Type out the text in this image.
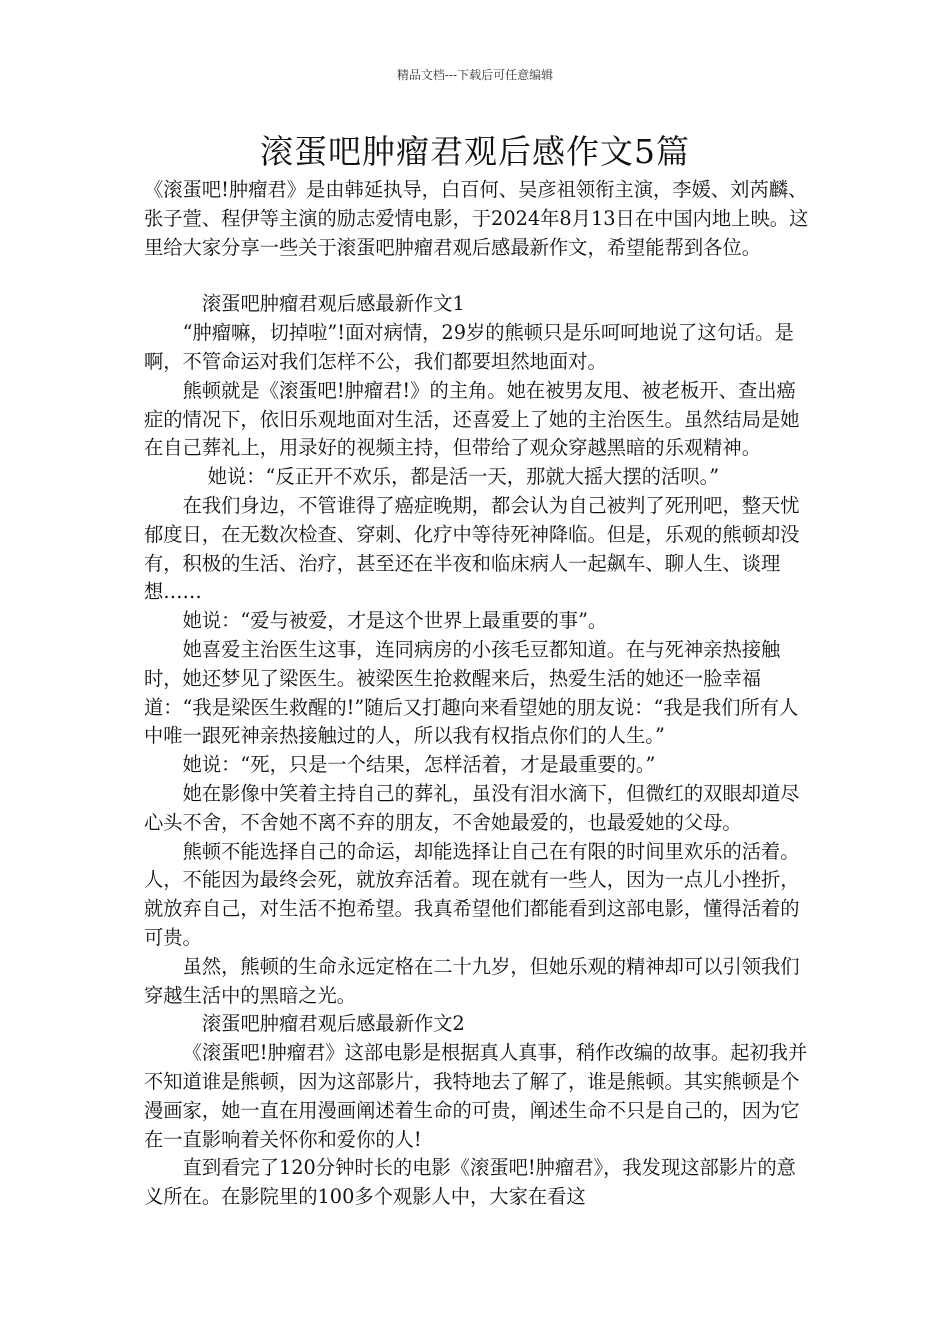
精品文档---下载后可任意编辑
滚蛋吧肿瘤君观后感作文5篇

《滚蛋吧!肿瘤君》是由韩延执导，白百何、吴彦祖领衔主演，李媛、刘芮麟、张子萱、程伊等主演的励志爱情电影，于2024年8月13日在中国内地上映。这里给大家分享一些关于滚蛋吧肿瘤君观后感最新作文，希望能帮到各位。

滚蛋吧肿瘤君观后感最新作文1

“肿瘤嘛，切掉啦”!面对病情，29岁的熊顿只是乐呵呵地说了这句话。是啊，不管命运对我们怎样不公，我们都要坦然地面对。

熊顿就是《滚蛋吧!肿瘤君!》的主角。她在被男友甩、被老板开、查出癌症的情况下，依旧乐观地面对生活，还喜爱上了她的主治医生。虽然结局是她在自己葬礼上，用录好的视频主持，但带给了观众穿越黑暗的乐观精神。

她说：“反正开不欢乐，都是活一天，那就大摇大摆的活呗。”

在我们身边，不管谁得了癌症晚期，都会认为自己被判了死刑吧，整天忧郁度日，在无数次检查、穿刺、化疗中等待死神降临。但是，乐观的熊顿却没有，积极的生活、治疗，甚至还在半夜和临床病人一起飙车、聊人生、谈理想……

她说：“爱与被爱，才是这个世界上最重要的事”。

她喜爱主治医生这事，连同病房的小孩毛豆都知道。在与死神亲热接触时，她还梦见了梁医生。被梁医生抢救醒来后，热爱生活的她还一脸幸福道：“我是梁医生救醒的!”随后又打趣向来看望她的朋友说：“我是我们所有人中唯一跟死神亲热接触过的人，所以我有权指点你们的人生。”

她说：“死，只是一个结果，怎样活着，才是最重要的。”

她在影像中笑着主持自己的葬礼，虽没有泪水滴下，但微红的双眼却道尽心头不舍，不舍她不离不弃的朋友，不舍她最爱的，也最爱她的父母。

熊顿不能选择自己的命运，却能选择让自己在有限的时间里欢乐的活着。人，不能因为最终会死，就放弃活着。现在就有一些人，因为一点儿小挫折，就放弃自己，对生活不抱希望。我真希望他们都能看到这部电影，懂得活着的可贵。

虽然，熊顿的生命永远定格在二十九岁，但她乐观的精神却可以引领我们穿越生活中的黑暗之光。

滚蛋吧肿瘤君观后感最新作文2

《滚蛋吧!肿瘤君》这部电影是根据真人真事，稍作改编的故事。起初我并不知道谁是熊顿，因为这部影片，我特地去了解了，谁是熊顿。其实熊顿是个漫画家，她一直在用漫画阐述着生命的可贵，阐述生命不只是自己的，因为它在一直影响着关怀你和爱你的人!

直到看完了120分钟时长的电影《滚蛋吧!肿瘤君》，我发现这部影片的意义所在。在影院里的100多个观影人中，大家在看这
